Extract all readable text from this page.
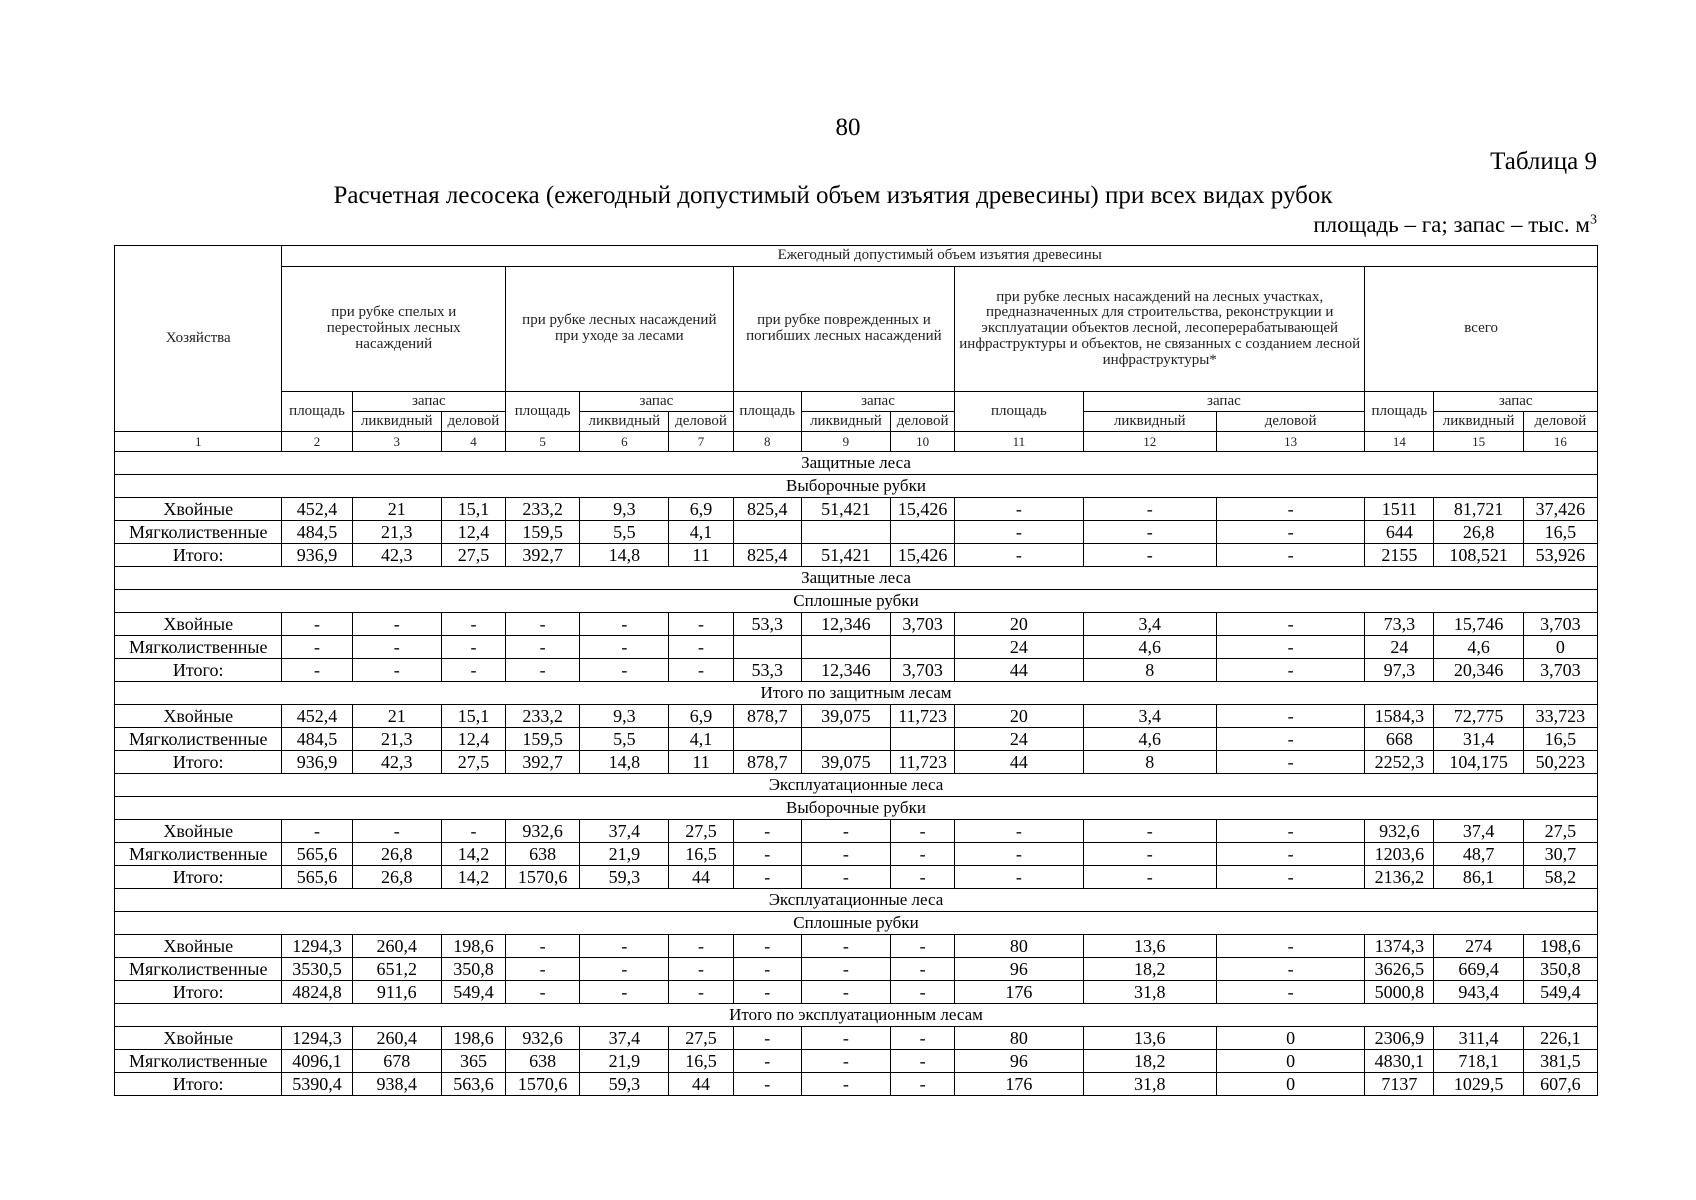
80
Таблица 9
Расчетная лесосека (ежегодный допустимый объем изъятия древесины) при всех видах рубок
площадь – га; запас – тыс. $м^3$
Хозяйства	Ежегодный допустимый объем изъятия древесины														
	при рубке спелых и перестойных лесных насаждений			при рубке лесных насаждений при уходе за лесами			при рубке поврежденных и погибших лесных насаждений			при рубке лесных насаждений на лесных участках, предназначенных для строительства, реконструкции и эксплуатации объектов лесной, лесоперерабатывающей инфраструктуры и объектов, не связанных с созданием лесной инфраструктуры*			всего		
	площадь	запас		площадь	запас		площадь	запас		площадь	запас		площадь	запас	
		ликвидный	деловой		ликвидный	деловой		ликвидный	деловой		ликвидный	деловой		ликвидный	деловой
1	2	3	4	5	6	7	8	9	10	11	12	13	14	15	16
Защитные леса															
Выборочные рубки															
Хвойные	452,4	21	15,1	233,2	9,3	6,9	825,4	51,421	15,426	-	-	-	1511	81,721	37,426
Мягколиственные	484,5	21,3	12,4	159,5	5,5	4,1				-	-	-	644	26,8	16,5
Итого:	936,9	42,3	27,5	392,7	14,8	11	825,4	51,421	15,426	-	-	-	2155	108,521	53,926
Защитные леса															
Сплошные рубки															
Хвойные	-	-	-	-	-	-	53,3	12,346	3,703	20	3,4	-	73,3	15,746	3,703
Мягколиственные	-	-	-	-	-	-				24	4,6	-	24	4,6	0
Итого:	-	-	-	-	-	-	53,3	12,346	3,703	44	8	-	97,3	20,346	3,703
Итого по защитным лесам															
Хвойные	452,4	21	15,1	233,2	9,3	6,9	878,7	39,075	11,723	20	3,4	-	1584,3	72,775	33,723
Мягколиственные	484,5	21,3	12,4	159,5	5,5	4,1				24	4,6	-	668	31,4	16,5
Итого:	936,9	42,3	27,5	392,7	14,8	11	878,7	39,075	11,723	44	8	-	2252,3	104,175	50,223
Эксплуатационные леса															
Выборочные рубки															
Хвойные	-	-	-	932,6	37,4	27,5	-	-	-	-	-	-	932,6	37,4	27,5
Мягколиственные	565,6	26,8	14,2	638	21,9	16,5	-	-	-	-	-	-	1203,6	48,7	30,7
Итого:	565,6	26,8	14,2	1570,6	59,3	44	-	-	-	-	-	-	2136,2	86,1	58,2
Эксплуатационные леса															
Сплошные рубки															
Хвойные	1294,3	260,4	198,6	-	-	-	-	-	-	80	13,6	-	1374,3	274	198,6
Мягколиственные	3530,5	651,2	350,8	-	-	-	-	-	-	96	18,2	-	3626,5	669,4	350,8
Итого:	4824,8	911,6	549,4	-	-	-	-	-	-	176	31,8	-	5000,8	943,4	549,4
Итого по эксплуатационным лесам															
Хвойные	1294,3	260,4	198,6	932,6	37,4	27,5	-	-	-	80	13,6	0	2306,9	311,4	226,1
Мягколиственные	4096,1	678	365	638	21,9	16,5	-	-	-	96	18,2	0	4830,1	718,1	381,5
Итого:	5390,4	938,4	563,6	1570,6	59,3	44	-	-	-	176	31,8	0	7137	1029,5	607,6
